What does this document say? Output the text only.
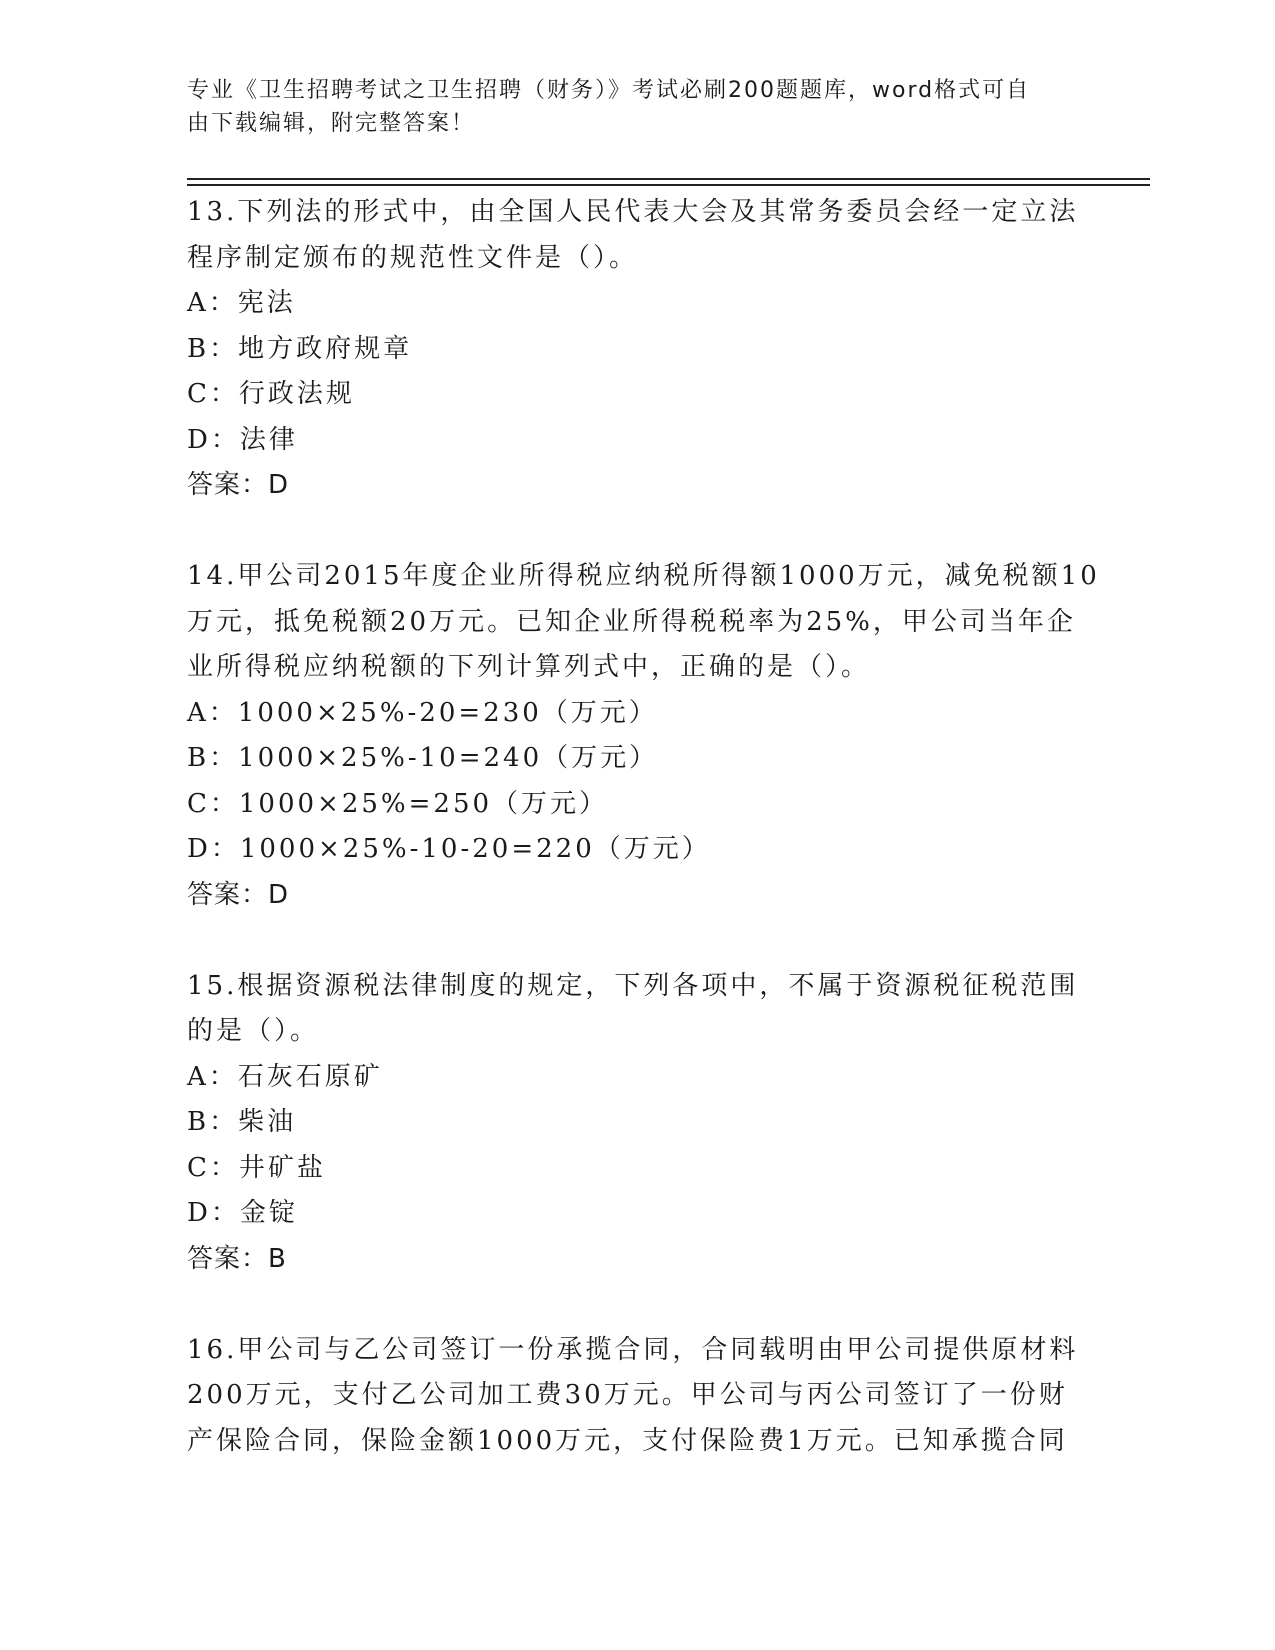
专业《卫生招聘考试之卫生招聘（财务）》考试必刷200题题库，word格式可自
由下载编辑，附完整答案！
13.下列法的形式中，由全国人民代表大会及其常务委员会经一定立法
程序制定颁布的规范性文件是（）。
A：宪法
B：地方政府规章
C：行政法规
D：法律
答案：D
14.甲公司2015年度企业所得税应纳税所得额1000万元，减免税额10
万元，抵免税额20万元。已知企业所得税税率为25%，甲公司当年企
业所得税应纳税额的下列计算列式中，正确的是（）。
A：1000×25%-20=230（万元）
B：1000×25%-10=240（万元）
C：1000×25%=250（万元）
D：1000×25%-10-20=220（万元）
答案：D
15.根据资源税法律制度的规定，下列各项中，不属于资源税征税范围
的是（）。
A：石灰石原矿
B：柴油
C：井矿盐
D：金锭
答案：B
16.甲公司与乙公司签订一份承揽合同，合同载明由甲公司提供原材料
200万元，支付乙公司加工费30万元。甲公司与丙公司签订了一份财
产保险合同，保险金额1000万元，支付保险费1万元。已知承揽合同
